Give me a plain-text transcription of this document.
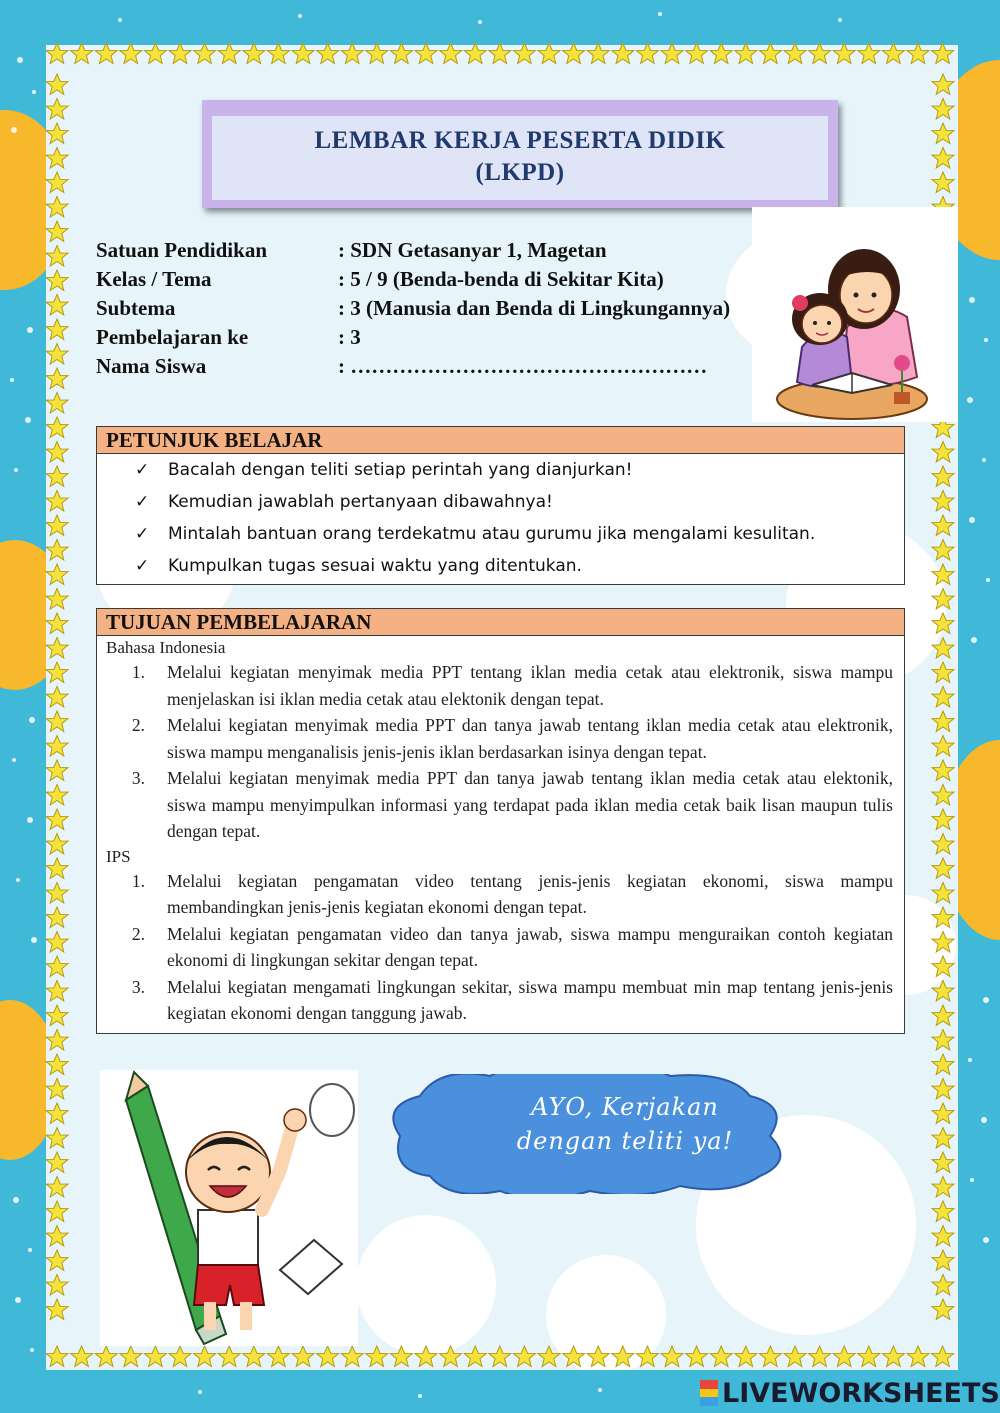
LEMBAR KERJA PESERTA DIDIK
(LKPD)
Satuan Pendidikan	: SDN Getasanyar 1, Magetan
Kelas / Tema	: 5 / 9 (Benda-benda di Sekitar Kita)
Subtema	: 3 (Manusia dan Benda di Lingkungannya)
Pembelajaran ke	: 3
Nama Siswa	: ……………………………………………
PETUNJUK BELAJAR
✓ Bacalah dengan teliti setiap perintah yang dianjurkan!
✓ Kemudian jawablah pertanyaan dibawahnya!
✓ Mintalah bantuan orang terdekatmu atau gurumu jika mengalami kesulitan.
✓ Kumpulkan tugas sesuai waktu yang ditentukan.
TUJUAN PEMBELAJARAN
Bahasa Indonesia
1.	Melalui kegiatan menyimak media PPT tentang iklan media cetak atau elektronik, siswa mampu menjelaskan isi iklan media cetak atau elektonik dengan tepat.
2.	Melalui kegiatan menyimak media PPT dan tanya jawab tentang iklan media cetak atau elektronik, siswa mampu menganalisis jenis-jenis iklan berdasarkan isinya dengan tepat.
3.	Melalui kegiatan menyimak media PPT dan tanya jawab tentang iklan media cetak atau elektonik, siswa mampu menyimpulkan informasi yang terdapat pada iklan media cetak baik lisan maupun tulis dengan tepat.
IPS
1.	Melalui kegiatan pengamatan video tentang jenis-jenis kegiatan ekonomi, siswa mampu membandingkan jenis-jenis kegiatan ekonomi dengan tepat.
2.	Melalui kegiatan pengamatan video dan tanya jawab, siswa mampu menguraikan contoh kegiatan ekonomi di lingkungan sekitar dengan tepat.
3.	Melalui kegiatan mengamati lingkungan sekitar, siswa mampu membuat min map tentang jenis-jenis kegiatan ekonomi dengan tanggung jawab.
AYO, Kerjakan
dengan teliti ya!
LIVEWORKSHEETS
